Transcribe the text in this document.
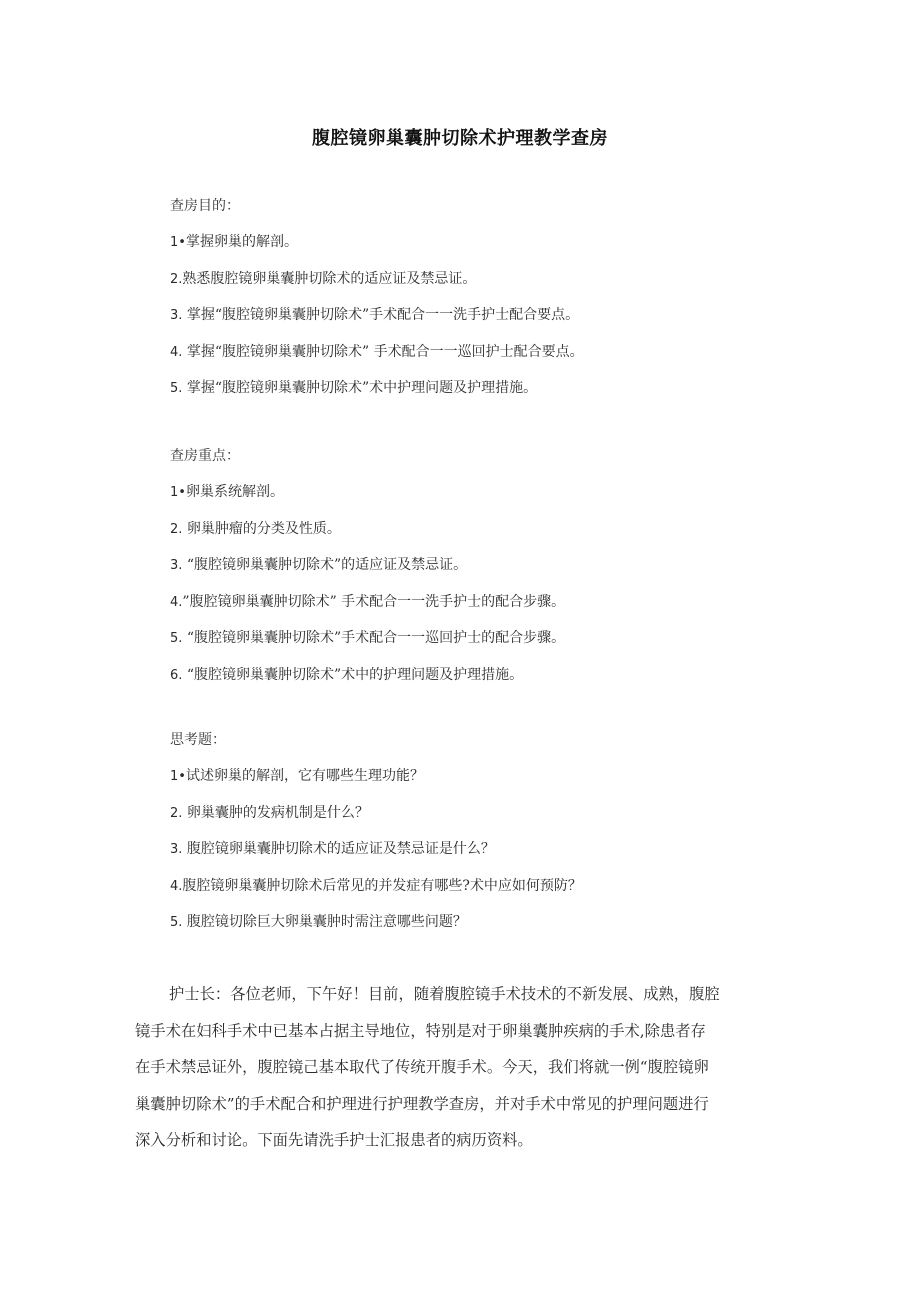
腹腔镜卵巢囊肿切除术护理教学查房

查房目的：

1•掌握卵巢的解剖。

2.熟悉腹腔镜卵巢囊肿切除术的适应证及禁忌证。

3. 掌握“腹腔镜卵巢囊肿切除术”手术配合一一洗手护士配合要点。

4. 掌握“腹腔镜卵巢囊肿切除术” 手术配合一一巡回护士配合要点。

5. 掌握“腹腔镜卵巢囊肿切除术”术中护理问题及护理措施。

查房重点：

1•卵巢系统解剖。

2. 卵巢肿瘤的分类及性质。

3. “腹腔镜卵巢囊肿切除术”的适应证及禁忌证。

4.”腹腔镜卵巢囊肿切除术” 手术配合一一洗手护士的配合步骤。

5. “腹腔镜卵巢囊肿切除术”手术配合一一巡回护士的配合步骤。

6. “腹腔镜卵巢囊肿切除术”术中的护理问题及护理措施。

思考题：

1•试述卵巢的解剖，它有哪些生理功能？

2. 卵巢囊肿的发病机制是什么？

3. 腹腔镜卵巢囊肿切除术的适应证及禁忌证是什么？

4.腹腔镜卵巢囊肿切除术后常见的并发症有哪些?术中应如何预防？

5. 腹腔镜切除巨大卵巢囊肿时需注意哪些问题？

护士长：各位老师，下午好！目前，随着腹腔镜手术技术的不新发展、成熟，腹腔
镜手术在妇科手术中已基本占据主导地位，特别是对于卵巢囊肿疾病的手术,除患者存
在手术禁忌证外，腹腔镜己基本取代了传统开腹手术。今天，我们将就一例“腹腔镜卵
巢囊肿切除术”的手术配合和护理进行护理教学查房，并对手术中常见的护理问题进行
深入分析和讨论。下面先请洗手护士汇报患者的病历资料。
